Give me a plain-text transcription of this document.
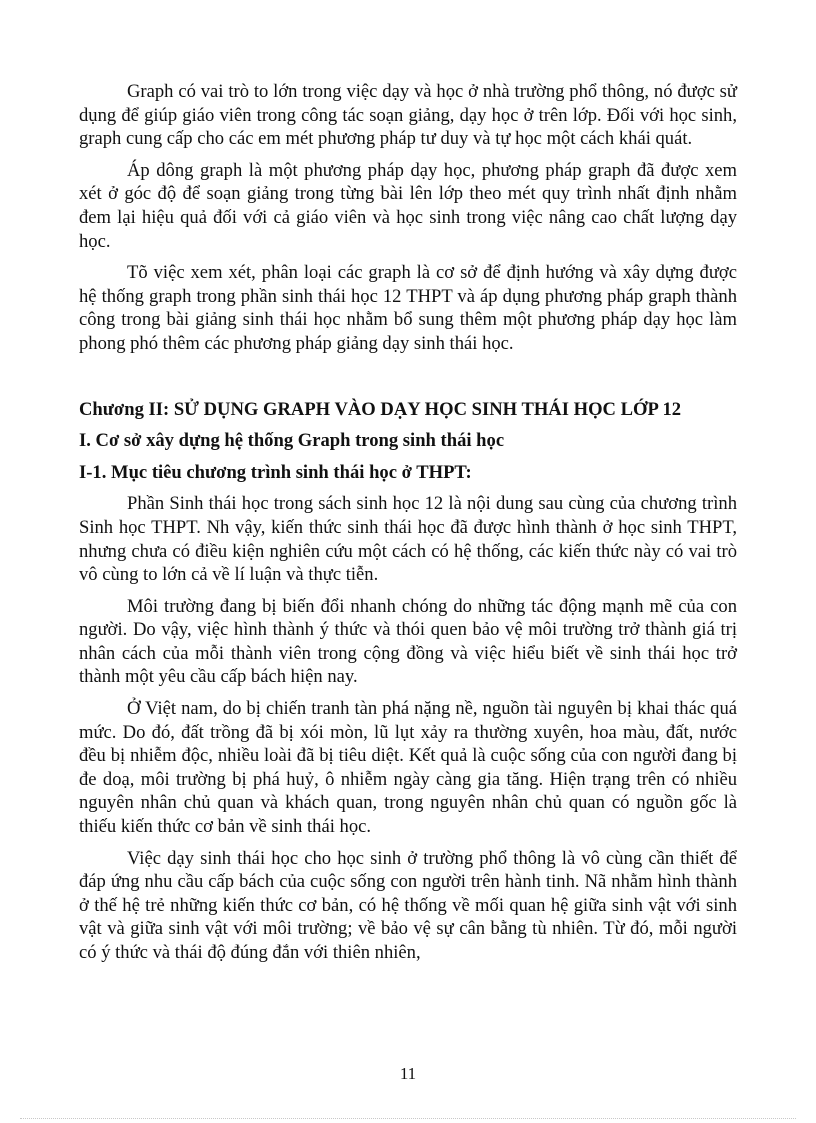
Graph có vai trò to lớn trong việc dạy và học ở nhà trường phổ thông, nó được sử dụng để giúp giáo viên trong công tác soạn giảng, dạy học ở trên lớp. Đối với học sinh, graph cung cấp cho các em mét phương pháp tư duy và tự học một cách khái quát.

Áp dông graph là một phương pháp dạy học, phương pháp graph đã được xem xét ở góc độ để soạn giảng trong từng bài lên lớp theo mét quy trình nhất định nhằm đem lại hiệu quả đối với cả giáo viên và học sinh trong việc nâng cao chất lượng dạy học.

Tõ việc xem xét, phân loại các graph là cơ sở để định hướng và xây dựng được hệ thống graph trong phần sinh thái học 12 THPT và áp dụng phương pháp graph thành công trong bài giảng sinh thái học nhằm bổ sung thêm một phương pháp dạy học làm phong phó thêm các phương pháp giảng dạy sinh thái học.

Chương II: SỬ DỤNG GRAPH VÀO DẠY HỌC SINH THÁI HỌC LỚP 12
I. Cơ sở xây dựng hệ thống Graph trong sinh thái học
I-1. Mục tiêu chương trình sinh thái học ở THPT:

Phần Sinh thái học trong sách sinh học 12 là nội dung sau cùng của chương trình Sinh học THPT. Nh vậy, kiến thức sinh thái học đã được hình thành ở học sinh THPT, nhưng chưa có điều kiện nghiên cứu một cách có hệ thống, các kiến thức này có vai trò vô cùng to lớn cả về lí luận và thực tiễn.

Môi trường đang bị biến đổi nhanh chóng do những tác động mạnh mẽ của con người. Do vậy, việc hình thành ý thức và thói quen bảo vệ môi trường trở thành giá trị nhân cách của mỗi thành viên trong cộng đồng và việc hiểu biết về sinh thái học trở thành một yêu cầu cấp bách hiện nay.

Ở Việt nam, do bị chiến tranh tàn phá nặng nề, nguồn tài nguyên bị khai thác quá mức. Do đó, đất trồng đã bị xói mòn, lũ lụt xảy ra thường xuyên, hoa màu, đất, nước đều bị nhiễm độc, nhiều loài đã bị tiêu diệt. Kết quả là cuộc sống của con người đang bị đe doạ, môi trường bị phá huỷ, ô nhiễm ngày càng gia tăng. Hiện trạng trên có nhiều nguyên nhân chủ quan và khách quan, trong nguyên nhân chủ quan có nguồn gốc là thiếu kiến thức cơ bản về sinh thái học.

Việc dạy sinh thái học cho học sinh ở trường phổ thông là vô cùng cần thiết để đáp ứng nhu cầu cấp bách của cuộc sống con người trên hành tinh. Nã nhằm hình thành ở thế hệ trẻ những kiến thức cơ bản, có hệ thống về mối quan hệ giữa sinh vật với sinh vật và giữa sinh vật với môi trường; về bảo vệ sự cân bằng tù nhiên. Từ đó, mỗi người có ý thức và thái độ đúng đắn với thiên nhiên,

11
